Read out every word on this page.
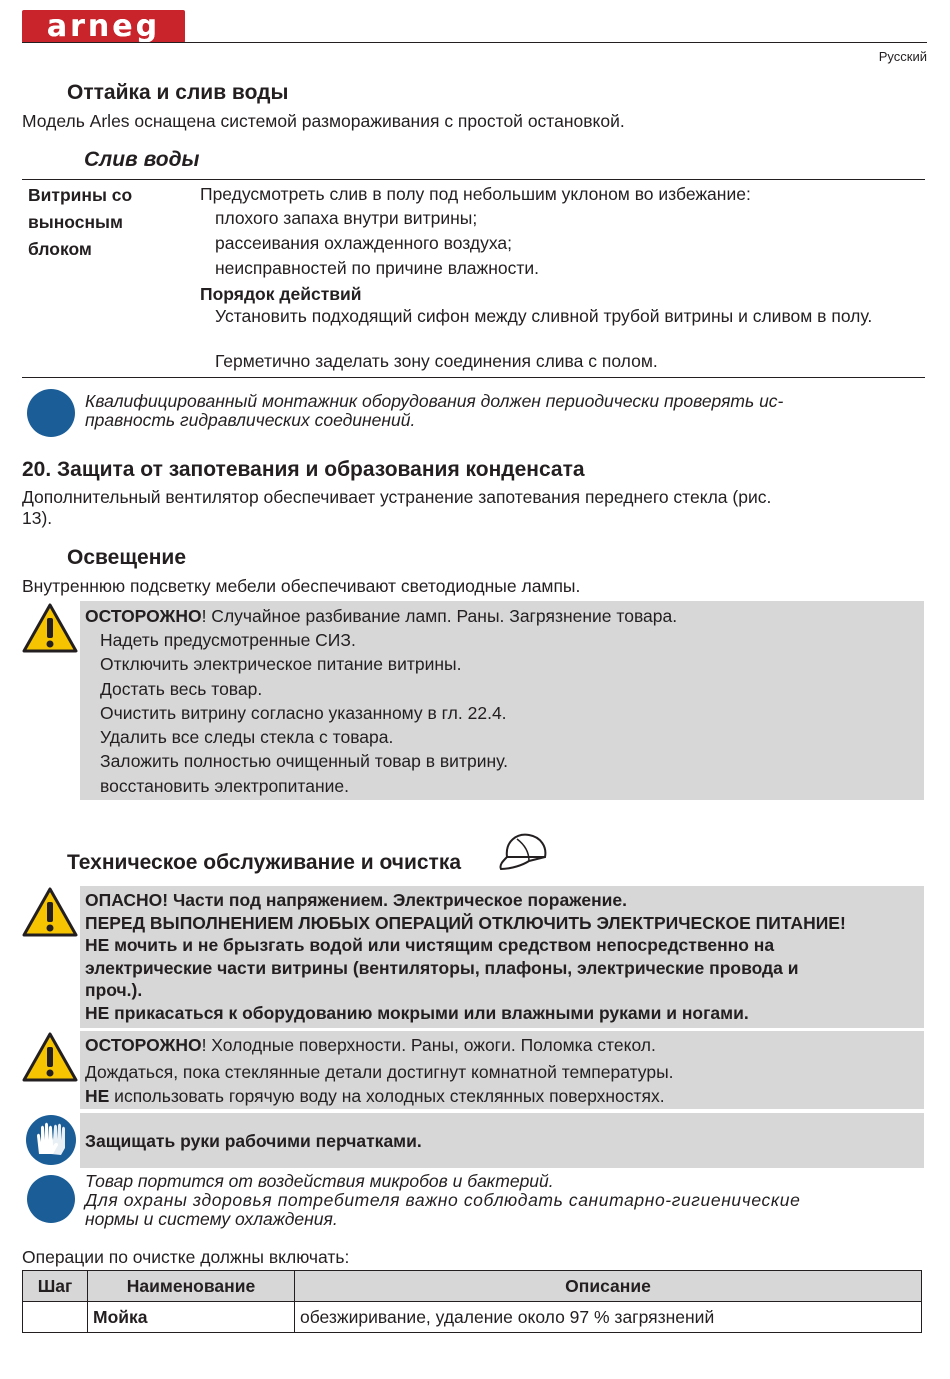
arneg
Русский
Оттайка и слив воды
Модель Arles оснащена системой размораживания с простой остановкой.
Слив воды
Витрины со
выносным
блоком
Предусмотреть слив в полу под небольшим уклоном во избежание:
плохого запаха внутри витрины;
рассеивания охлажденного воздуха;
неисправностей по причине влажности.
Порядок действий
Установить подходящий сифон между сливной трубой витрины и сливом в полу.
Герметично заделать зону соединения слива с полом.
Квалифицированный монтажник оборудования должен периодически проверять ис-
правность гидравлических соединений.
20. Защита от запотевания и образования конденсата
Дополнительный вентилятор обеспечивает устранение запотевания переднего стекла (рис.
13).
Освещение
Внутреннюю подсветку мебели обеспечивают светодиодные лампы.
ОСТОРОЖНО! Случайное разбивание ламп. Раны. Загрязнение товара.
Надеть предусмотренные СИЗ.
Отключить электрическое питание витрины.
Достать весь товар.
Очистить витрину согласно указанному в гл. 22.4.
Удалить все следы стекла с товара.
Заложить полностью очищенный товар в витрину.
восстановить электропитание.
Техническое обслуживание и очистка
ОПАСНО! Части под напряжением. Электрическое поражение.
ПЕРЕД ВЫПОЛНЕНИЕМ ЛЮБЫХ ОПЕРАЦИЙ ОТКЛЮЧИТЬ ЭЛЕКТРИЧЕСКОЕ ПИТАНИЕ!
НЕ мочить и не брызгать водой или чистящим средством непосредственно на
электрические части витрины (вентиляторы, плафоны, электрические провода и
проч.).
НЕ прикасаться к оборудованию мокрыми или влажными руками и ногами.
ОСТОРОЖНО! Холодные поверхности. Раны, ожоги. Поломка стекол.
Дождаться, пока стеклянные детали достигнут комнатной температуры.
НЕ использовать горячую воду на холодных стеклянных поверхностях.
Защищать руки рабочими перчатками.
Товар портится от воздействия микробов и бактерий.
Для охраны здоровья потребителя важно соблюдать санитарно-гигиенические
нормы и систему охлаждения.
Операции по очистке должны включать:
Шаг	Наименование	Описание
	Мойка	обезжиривание, удаление около 97 % загрязнений
